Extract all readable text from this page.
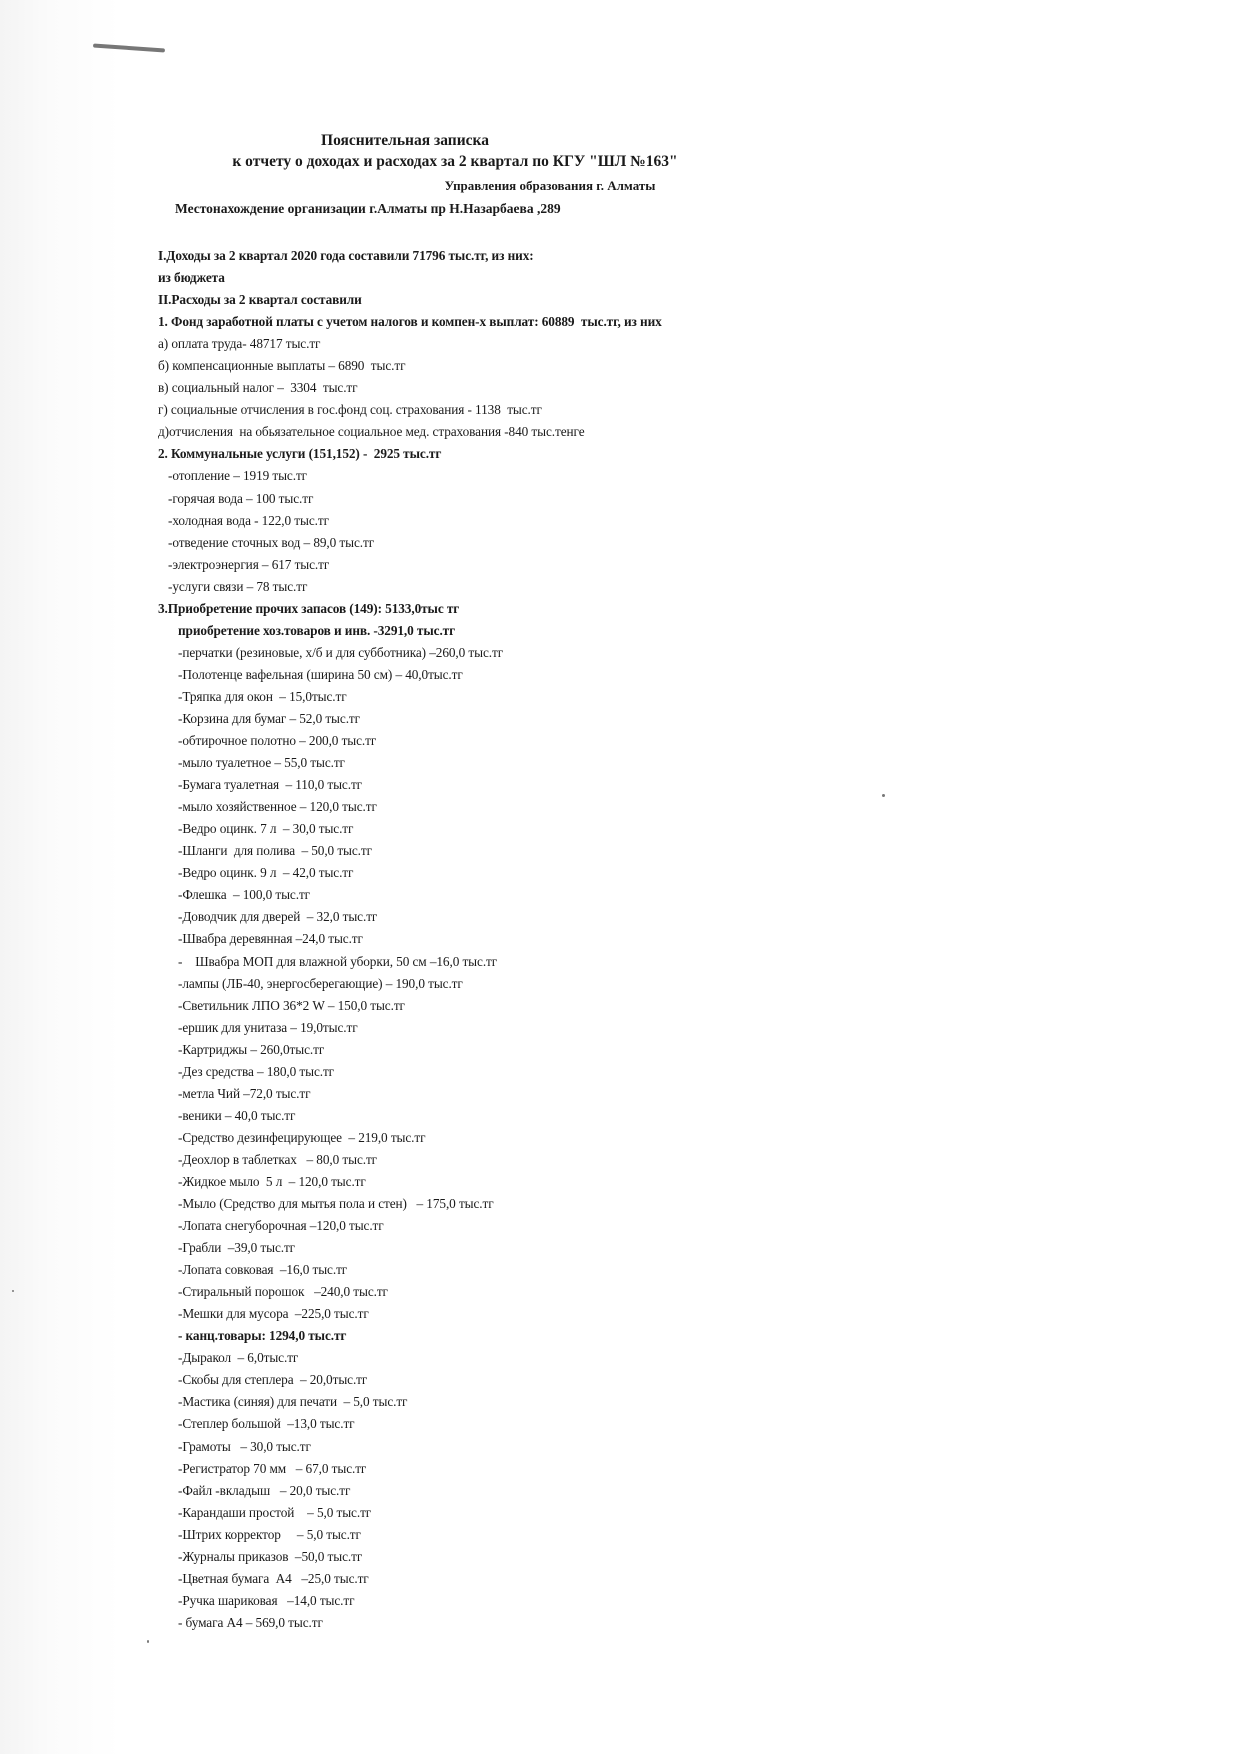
Пояснительная записка
к отчету о доходах и расходах за 2 квартал по КГУ "ШЛ №163"
Управления образования г. Алматы
Местонахождение организации г.Алматы пр Н.Назарбаева ,289
I.Доходы за 2 квартал 2020 года составили 71796 тыс.тг, из них:
из бюджета
II.Расходы за 2 квартал составили
1. Фонд заработной платы с учетом налогов и компен-х выплат: 60889  тыс.тг, из них
а) оплата труда- 48717 тыс.тг
б) компенсационные выплаты – 6890  тыс.тг
в) социальный налог –  3304  тыс.тг
г) социальные отчисления в гос.фонд соц. страхования - 1138  тыс.тг
д)отчисления  на обьязательное социальное мед. страхования -840 тыс.тенге
2. Коммунальные услуги (151,152) -  2925 тыс.тг
-отопление – 1919 тыс.тг
-горячая вода – 100 тыс.тг
-холодная вода - 122,0 тыс.тг
-отведение сточных вод – 89,0 тыс.тг
-электроэнергия – 617 тыс.тг
-услуги связи – 78 тыс.тг
3.Приобретение прочих запасов (149): 5133,0тыс тг
приобретение хоз.товаров и инв. -3291,0 тыс.тг
-перчатки (резиновые, х/б и для субботника) –260,0 тыс.тг
-Полотенце вафельная (ширина 50 см) – 40,0тыс.тг
-Тряпка для окон  – 15,0тыс.тг
-Корзина для бумаг – 52,0 тыс.тг
-обтирочное полотно – 200,0 тыс.тг
-мыло туалетное – 55,0 тыс.тг
-Бумага туалетная  – 110,0 тыс.тг
-мыло хозяйственное – 120,0 тыс.тг
-Ведро оцинк. 7 л  – 30,0 тыс.тг
-Шланги  для полива  – 50,0 тыс.тг
-Ведро оцинк. 9 л  – 42,0 тыс.тг
-Флешка  – 100,0 тыс.тг
-Доводчик для дверей  – 32,0 тыс.тг
-Швабра деревянная –24,0 тыс.тг
-    Швабра МОП для влажной уборки, 50 см –16,0 тыс.тг
-лампы (ЛБ-40, энергосберегающие) – 190,0 тыс.тг
-Светильник ЛПО 36*2 W – 150,0 тыс.тг
-ершик для унитаза – 19,0тыс.тг
-Картриджы – 260,0тыс.тг
-Дез средства – 180,0 тыс.тг
-метла Чий –72,0 тыс.тг
-веники – 40,0 тыс.тг
-Средство дезинфецирующее  – 219,0 тыс.тг
-Деохлор в таблетках   – 80,0 тыс.тг
-Жидкое мыло  5 л  – 120,0 тыс.тг
-Мыло (Средство для мытья пола и стен)   – 175,0 тыс.тг
-Лопата снегуборочная –120,0 тыс.тг
-Грабли  –39,0 тыс.тг
-Лопата совковая  –16,0 тыс.тг
-Стиральный порошок   –240,0 тыс.тг
-Мешки для мусора  –225,0 тыс.тг
- канц.товары: 1294,0 тыс.тг
-Дыракол  – 6,0тыс.тг
-Скобы для степлера  – 20,0тыс.тг
-Мастика (синяя) для печати  – 5,0 тыс.тг
-Степлер большой  –13,0 тыс.тг
-Грамоты   – 30,0 тыс.тг
-Регистратор 70 мм   – 67,0 тыс.тг
-Файл -вкладыш   – 20,0 тыс.тг
-Карандаши простой    – 5,0 тыс.тг
-Штрих корректор     – 5,0 тыс.тг
-Журналы приказов  –50,0 тыс.тг
-Цветная бумага  А4   –25,0 тыс.тг
-Ручка шариковая   –14,0 тыс.тг
- бумага А4 – 569,0 тыс.тг
